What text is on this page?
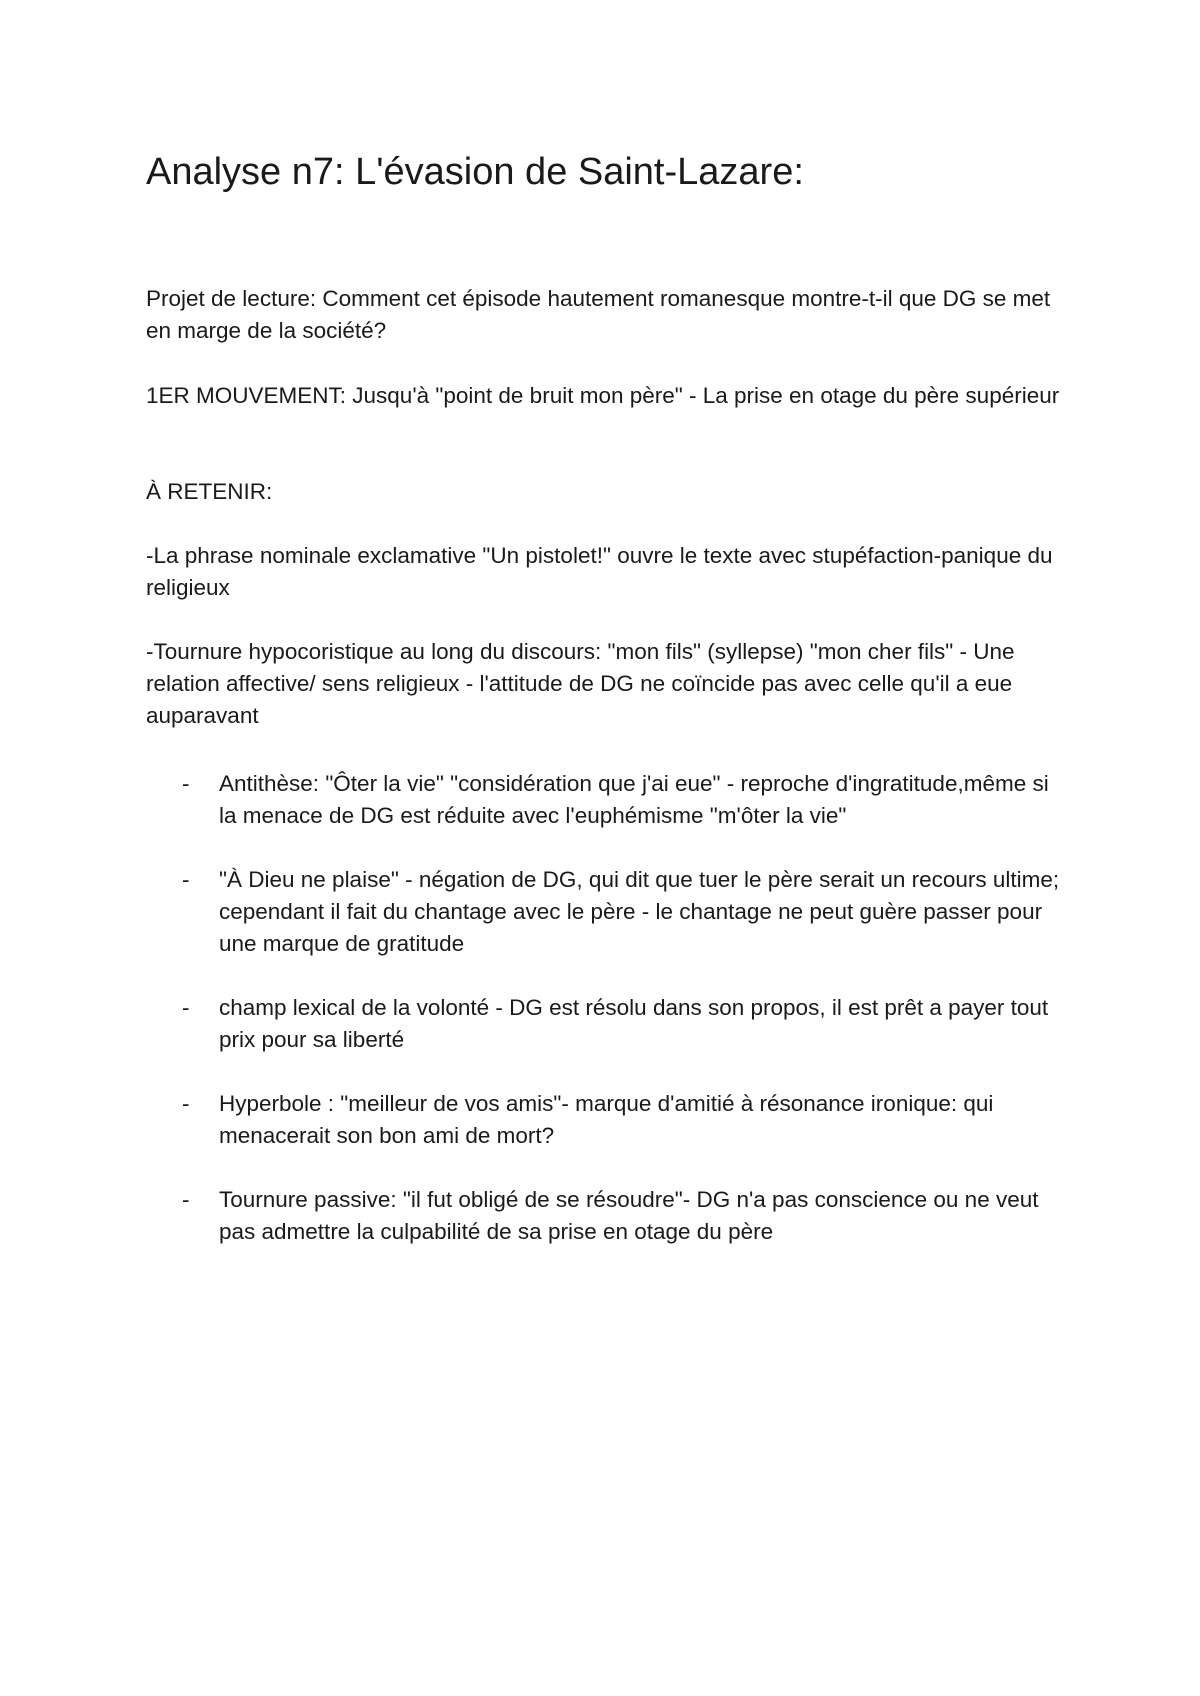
Analyse n7: L'évasion de Saint-Lazare:

Projet de lecture: Comment cet épisode hautement romanesque montre-t-il que DG se met en marge de la société?

1ER MOUVEMENT: Jusqu'à "point de bruit mon père" - La prise en otage du père supérieur

À RETENIR:

-La phrase nominale exclamative "Un pistolet!" ouvre le texte avec stupéfaction-panique du religieux

-Tournure hypocoristique au long du discours: "mon fils" (syllepse) "mon cher fils" - Une relation affective/ sens religieux - l'attitude de DG ne coïncide pas avec celle qu'il a eue auparavant

- Antithèse: "Ôter la vie" "considération que j'ai eue" - reproche d'ingratitude,même si la menace de DG est réduite avec l'euphémisme "m'ôter la vie"
- "À Dieu ne plaise" - négation de DG, qui dit que tuer le père serait un recours ultime; cependant il fait du chantage avec le père - le chantage ne peut guère passer pour une marque de gratitude
- champ lexical de la volonté - DG est résolu dans son propos, il est prêt a payer tout prix pour sa liberté
- Hyperbole : "meilleur de vos amis"- marque d'amitié à résonance ironique: qui menacerait son bon ami de mort?
- Tournure passive: "il fut obligé de se résoudre"- DG n'a pas conscience ou ne veut pas admettre la culpabilité de sa prise en otage du père
